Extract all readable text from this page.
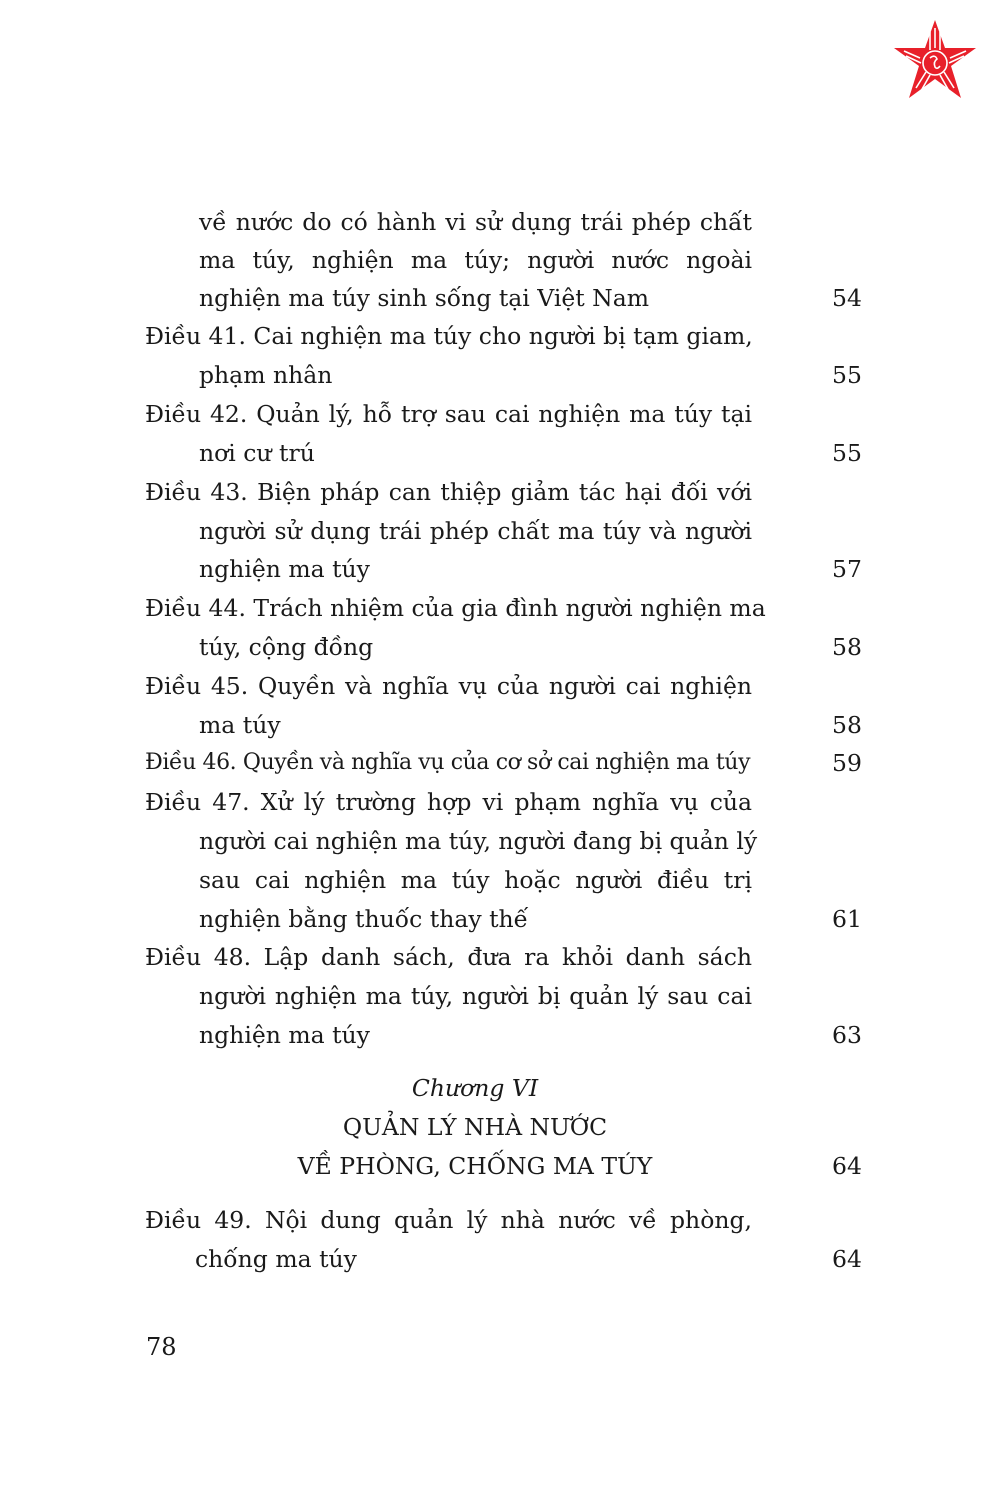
về nước do có hành vi sử dụng trái phép chất
ma túy, nghiện ma túy; người nước ngoài
nghiện ma túy sinh sống tại Việt Nam	54
Điều 41. Cai nghiện ma túy cho người bị tạm giam,
phạm nhân	55
Điều 42. Quản lý, hỗ trợ sau cai nghiện ma túy tại
nơi cư trú	55
Điều 43. Biện pháp can thiệp giảm tác hại đối với
người sử dụng trái phép chất ma túy và người
nghiện ma túy	57
Điều 44. Trách nhiệm của gia đình người nghiện ma
túy, cộng đồng	58
Điều 45. Quyền và nghĩa vụ của người cai nghiện
ma túy	58
Điều 46. Quyền và nghĩa vụ của cơ sở cai nghiện ma túy	59
Điều 47. Xử lý trường hợp vi phạm nghĩa vụ của
người cai nghiện ma túy, người đang bị quản lý
sau cai nghiện ma túy hoặc người điều trị
nghiện bằng thuốc thay thế	61
Điều 48. Lập danh sách, đưa ra khỏi danh sách
người nghiện ma túy, người bị quản lý sau cai
nghiện ma túy	63
Chương VI
QUẢN LÝ NHÀ NƯỚC
VỀ PHÒNG, CHỐNG MA TÚY	64
Điều 49. Nội dung quản lý nhà nước về phòng,
chống ma túy	64
78
